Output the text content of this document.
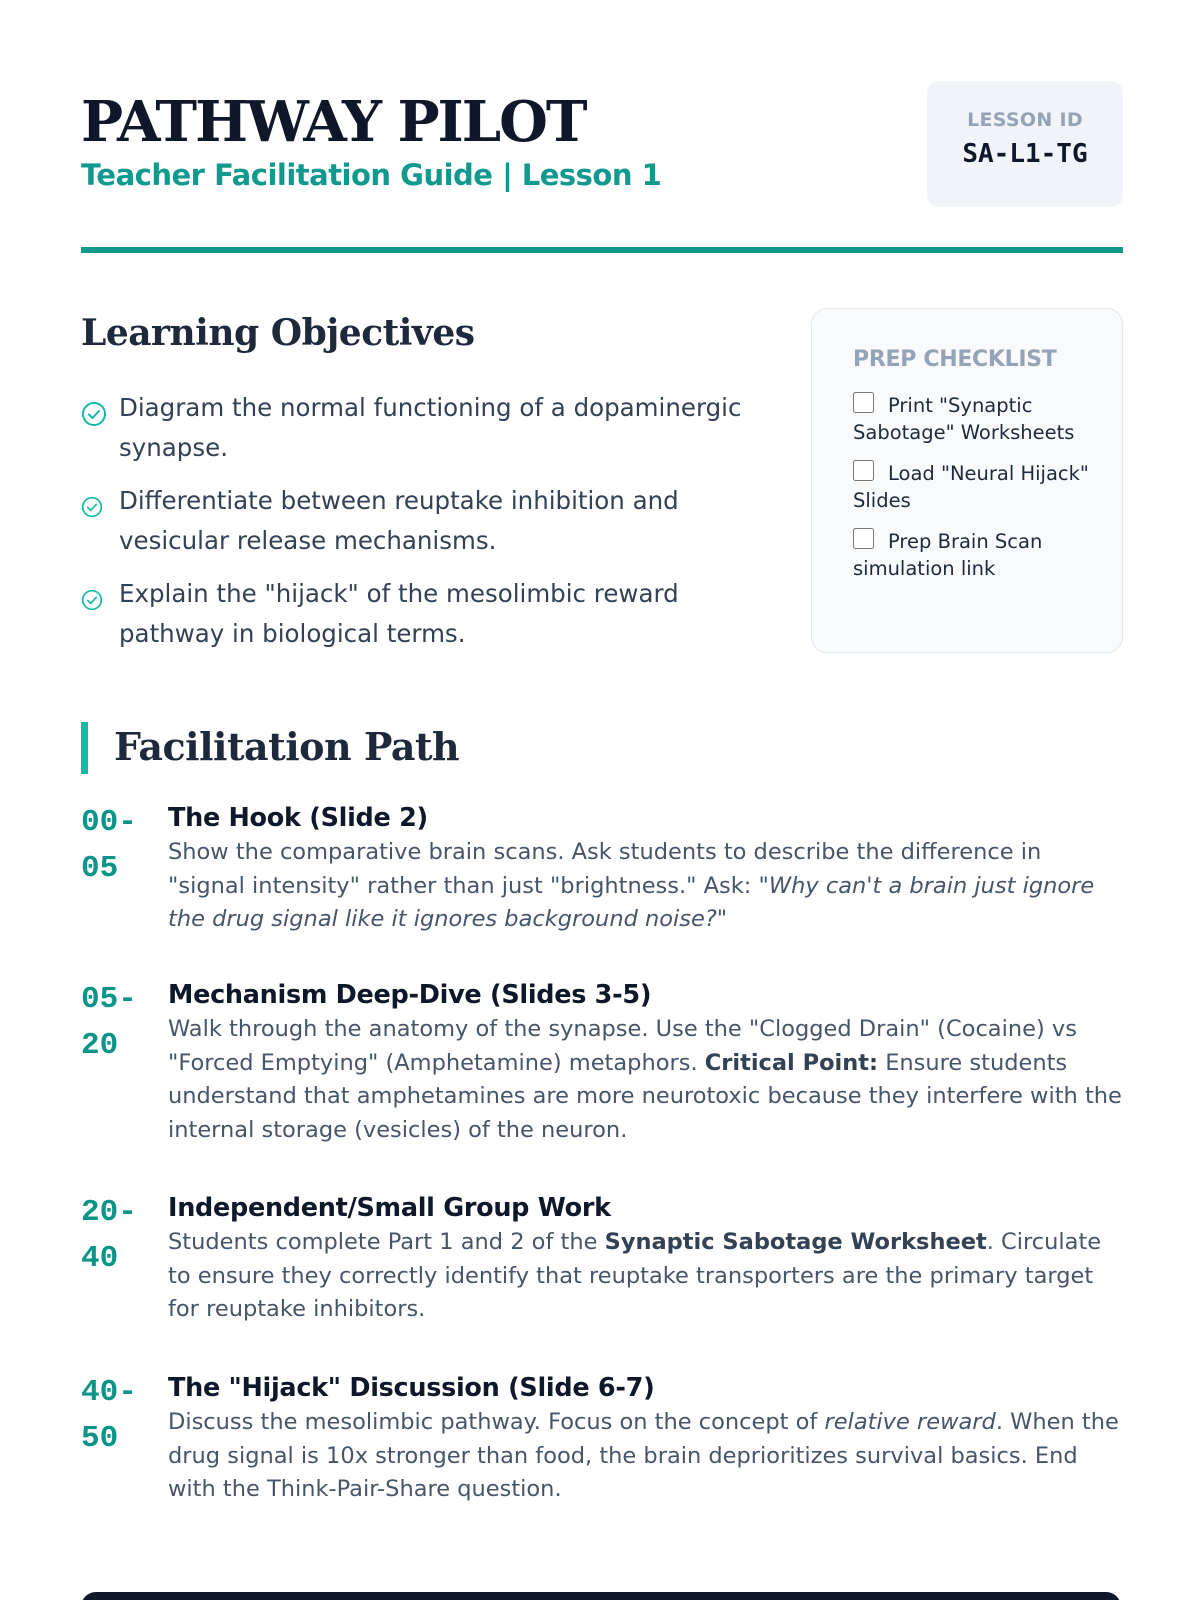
PATHWAY PILOT
Teacher Facilitation Guide | Lesson 1
LESSON ID
SA-L1-TG
Learning Objectives
Diagram the normal functioning of a dopaminergic synapse.
Differentiate between reuptake inhibition and vesicular release mechanisms.
Explain the "hijack" of the mesolimbic reward pathway in biological terms.
PREP CHECKLIST
Print "Synaptic Sabotage" Worksheets
Load "Neural Hijack" Slides
Prep Brain Scan simulation link
Facilitation Path
00-
05
The Hook (Slide 2)
Show the comparative brain scans. Ask students to describe the difference in "signal intensity" rather than just "brightness." Ask: "Why can't a brain just ignore the drug signal like it ignores background noise?"
05-
20
Mechanism Deep-Dive (Slides 3-5)
Walk through the anatomy of the synapse. Use the "Clogged Drain" (Cocaine) vs "Forced Emptying" (Amphetamine) metaphors. Critical Point: Ensure students understand that amphetamines are more neurotoxic because they interfere with the internal storage (vesicles) of the neuron.
20-
40
Independent/Small Group Work
Students complete Part 1 and 2 of the Synaptic Sabotage Worksheet. Circulate to ensure they correctly identify that reuptake transporters are the primary target for reuptake inhibitors.
40-
50
The "Hijack" Discussion (Slide 6-7)
Discuss the mesolimbic pathway. Focus on the concept of relative reward. When the drug signal is 10x stronger than food, the brain deprioritizes survival basics. End with the Think-Pair-Share question.
